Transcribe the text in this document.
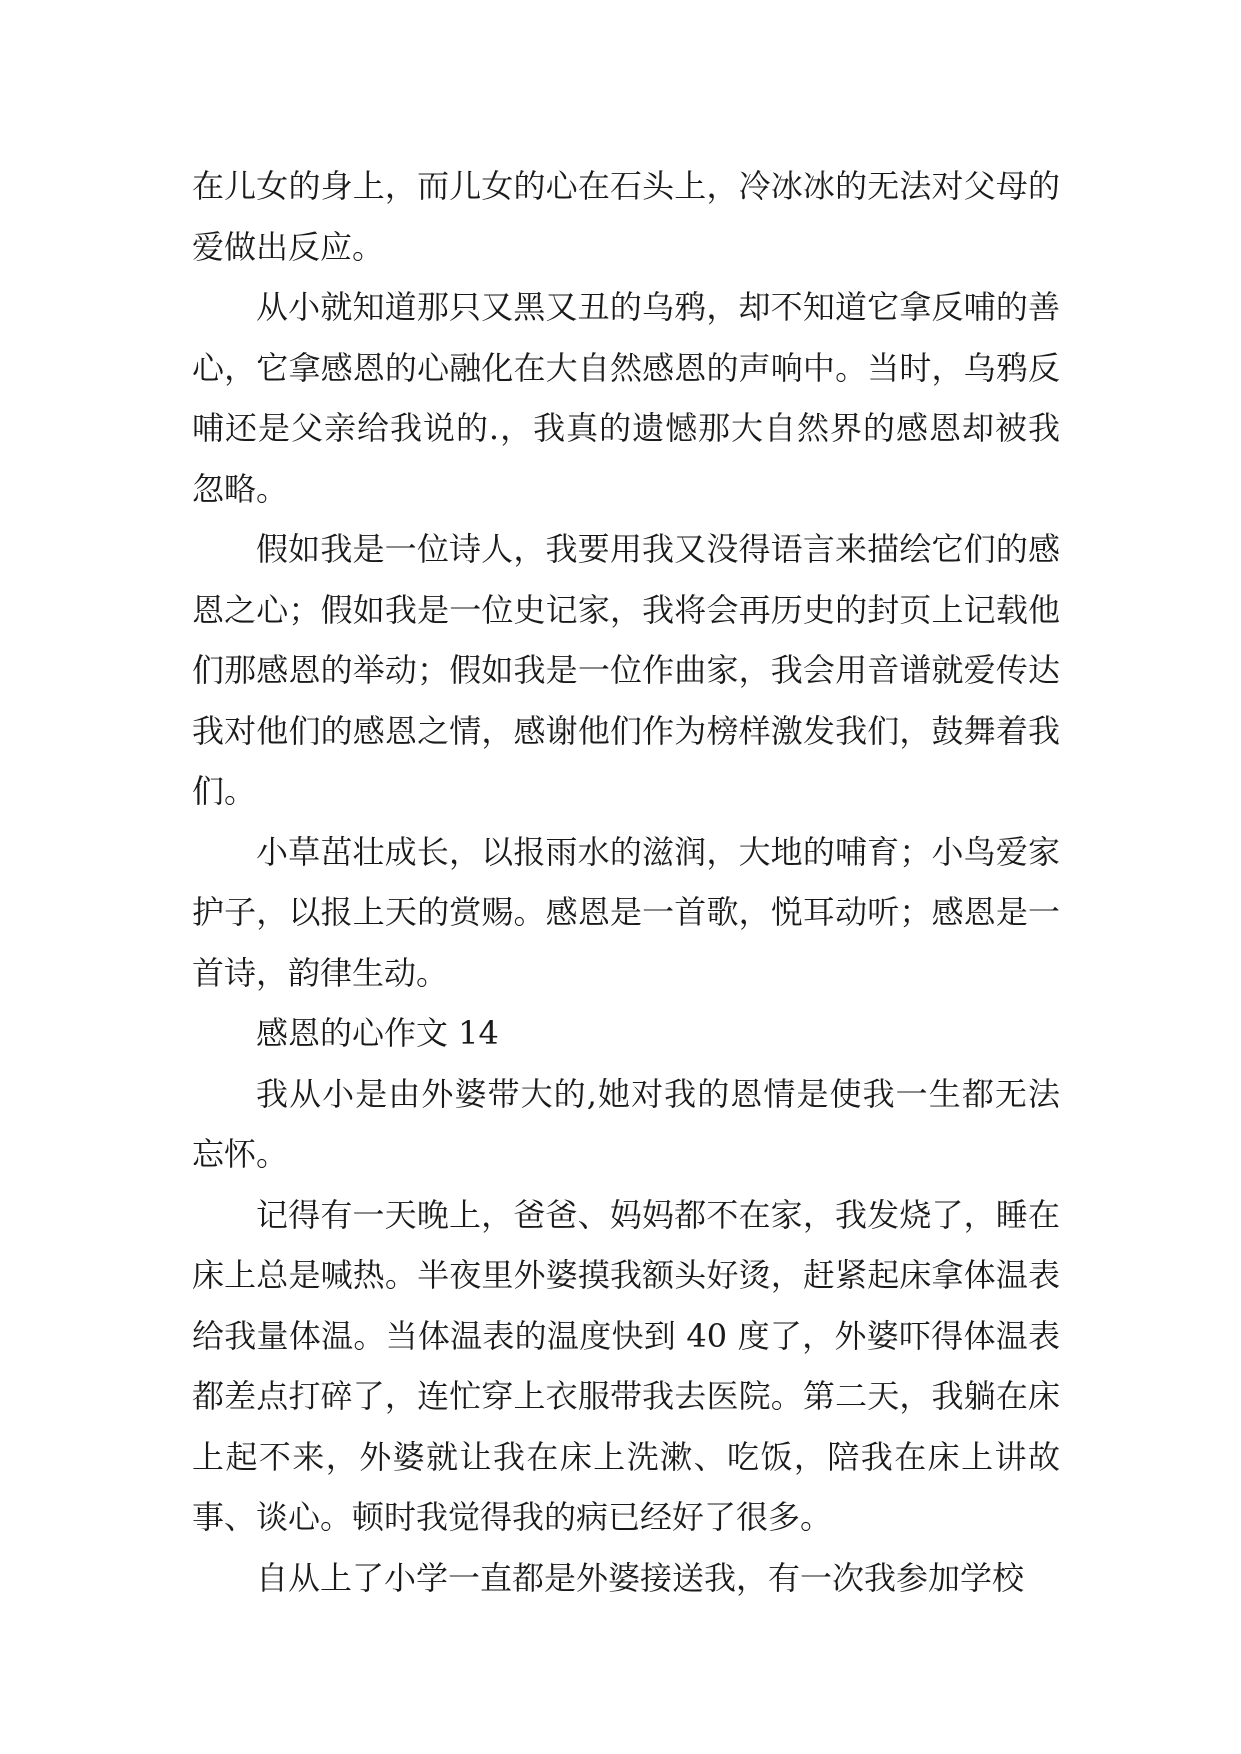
在儿女的身上，而儿女的心在石头上，冷冰冰的无法对父母的爱做出反应。

从小就知道那只又黑又丑的乌鸦，却不知道它拿反哺的善心，它拿感恩的心融化在大自然感恩的声响中。当时，乌鸦反哺还是父亲给我说的.，我真的遗憾那大自然界的感恩却被我忽略。

假如我是一位诗人，我要用我又没得语言来描绘它们的感恩之心；假如我是一位史记家，我将会再历史的封页上记载他们那感恩的举动；假如我是一位作曲家，我会用音谱就爱传达我对他们的感恩之情，感谢他们作为榜样激发我们，鼓舞着我们。

小草茁壮成长，以报雨水的滋润，大地的哺育；小鸟爱家护子，以报上天的赏赐。感恩是一首歌，悦耳动听；感恩是一首诗，韵律生动。

感恩的心作文 14

我从小是由外婆带大的,她对我的恩情是使我一生都无法忘怀。

记得有一天晚上，爸爸、妈妈都不在家，我发烧了，睡在床上总是喊热。半夜里外婆摸我额头好烫，赶紧起床拿体温表给我量体温。当体温表的温度快到 40 度了，外婆吓得体温表都差点打碎了，连忙穿上衣服带我去医院。第二天，我躺在床上起不来，外婆就让我在床上洗漱、吃饭，陪我在床上讲故事、谈心。顿时我觉得我的病已经好了很多。

自从上了小学一直都是外婆接送我，有一次我参加学校
